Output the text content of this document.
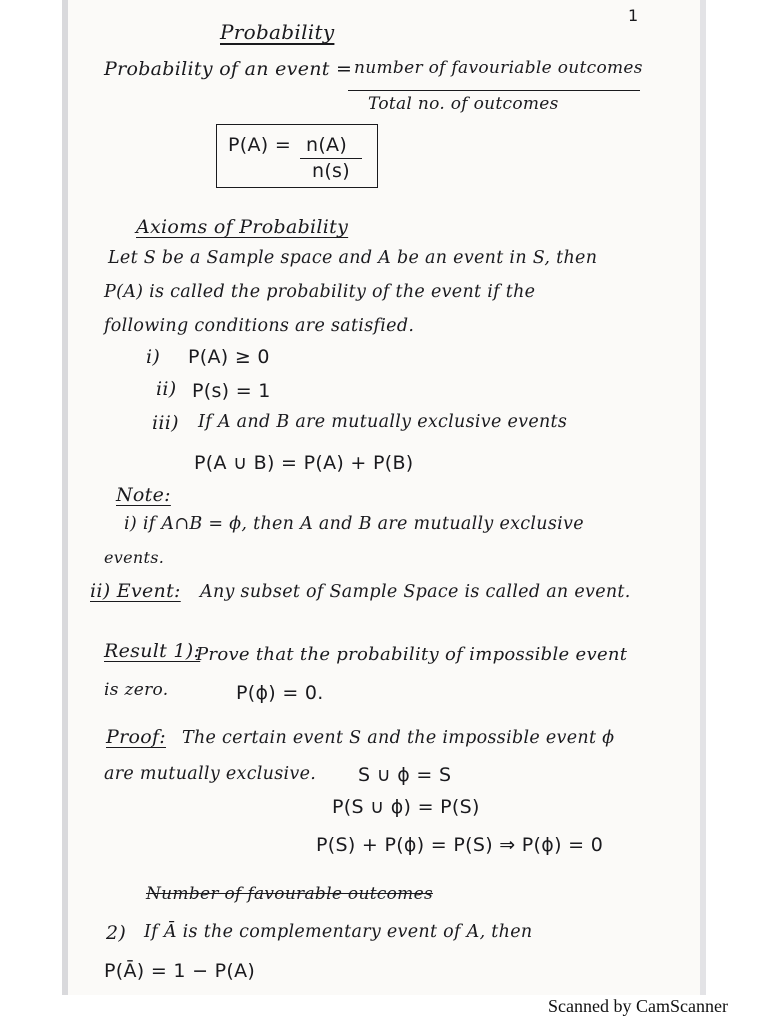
1
Probability
Probability of an event = number of favouriable outcomes
Total no. of outcomes
P(A) = n(A)
n(s)
Axioms of Probability
Let S be a Sample space and A be an event in S, then
P(A) is called the probability of the event if the
following conditions are satisfied.
i) P(A) ≥ 0
ii) P(s) = 1
iii) If A and B are mutually exclusive events
P(A ∪ B) = P(A) + P(B)
Note:
i) if A∩B = ϕ, then A and B are mutually exclusive
events.
ii) Event: Any subset of Sample Space is called an event.
Result 1):
Prove that the probability of impossible event
is zero.	P(ϕ) = 0.
Proof: The certain event S and the impossible event ϕ
are mutually exclusive. S ∪ ϕ = S
P(S ∪ ϕ) = P(S)
P(S) + P(ϕ) = P(S) ⇒ P(ϕ) = 0
Number of favourable outcomes
2) If Ā is the complementary event of A, then
P(Ā) = 1 − P(A)
Scanned by CamScanner
